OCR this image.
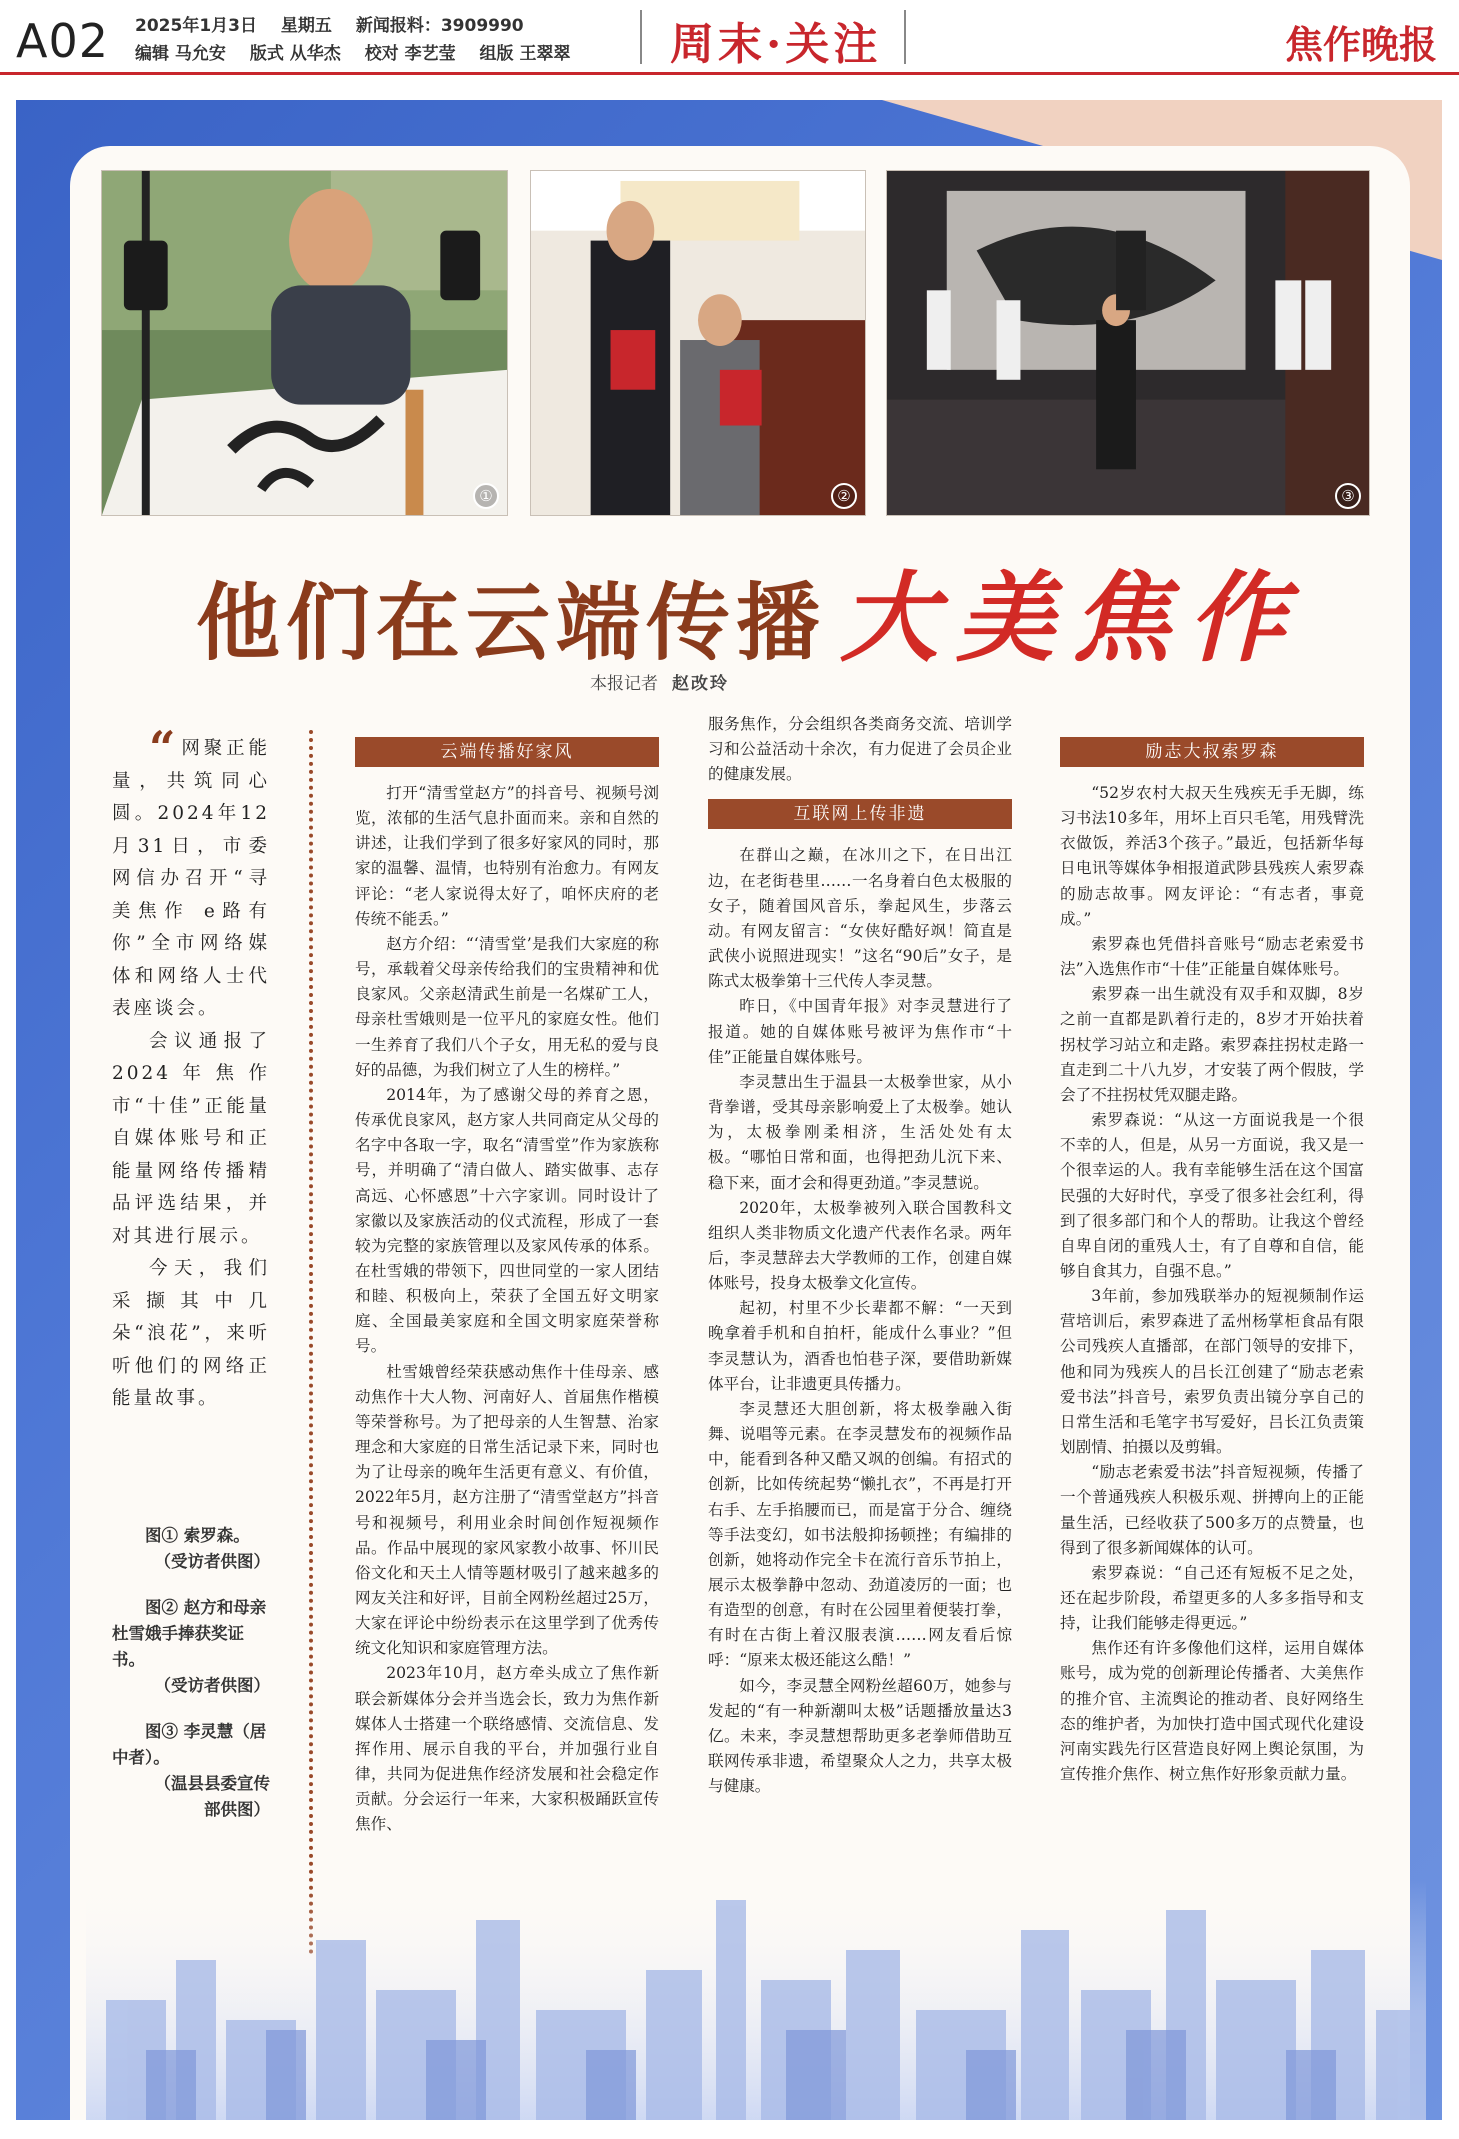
A02 2025年1月3日 星期五 新闻报料：3909990
编辑 马允安 版式 从华杰 校对 李艺莹 组版 王翠翠	周末·关注	焦作晚报
①	②	③
他们在云端传播 大美焦作
本报记者 赵改玲

“ 网聚正能量，共筑同心圆。2024年12月31日，市委网信办召开“寻美焦作 e路有你”全市网络媒体和网络人士代表座谈会。

会议通报了2024年焦作市“十佳”正能量自媒体账号和正能量网络传播精品评选结果，并对其进行展示。

今天，我们采撷其中几朵“浪花”，来听听他们的网络正能量故事。

图① 索罗森。
（受访者供图）

图② 赵方和母亲杜雪娥手捧获奖证书。
（受访者供图）

图③ 李灵慧（居中者）。
（温县县委宣传部供图）

云端传播好家风

打开“清雪堂赵方”的抖音号、视频号浏览，浓郁的生活气息扑面而来。亲和自然的讲述，让我们学到了很多好家风的同时，那家的温馨、温情，也特别有治愈力。有网友评论：“老人家说得太好了，咱怀庆府的老传统不能丢。”

赵方介绍：“‘清雪堂’是我们大家庭的称号，承载着父母亲传给我们的宝贵精神和优良家风。父亲赵清武生前是一名煤矿工人，母亲杜雪娥则是一位平凡的家庭女性。他们一生养育了我们八个子女，用无私的爱与良好的品德，为我们树立了人生的榜样。”

2014年，为了感谢父母的养育之恩，传承优良家风，赵方家人共同商定从父母的名字中各取一字，取名“清雪堂”作为家族称号，并明确了“清白做人、踏实做事、志存高远、心怀感恩”十六字家训。同时设计了家徽以及家族活动的仪式流程，形成了一套较为完整的家族管理以及家风传承的体系。在杜雪娥的带领下，四世同堂的一家人团结和睦、积极向上，荣获了全国五好文明家庭、全国最美家庭和全国文明家庭荣誉称号。

杜雪娥曾经荣获感动焦作十佳母亲、感动焦作十大人物、河南好人、首届焦作楷模等荣誉称号。为了把母亲的人生智慧、治家理念和大家庭的日常生活记录下来，同时也为了让母亲的晚年生活更有意义、有价值，2022年5月，赵方注册了“清雪堂赵方”抖音号和视频号，利用业余时间创作短视频作品。作品中展现的家风家教小故事、怀川民俗文化和天土人情等题材吸引了越来越多的网友关注和好评，目前全网粉丝超过25万，大家在评论中纷纷表示在这里学到了优秀传统文化知识和家庭管理方法。

2023年10月，赵方牵头成立了焦作新联会新媒体分会并当选会长，致力为焦作新媒体人士搭建一个联络感情、交流信息、发挥作用、展示自我的平台，并加强行业自律，共同为促进焦作经济发展和社会稳定作贡献。分会运行一年来，大家积极踊跃宣传焦作、

服务焦作，分会组织各类商务交流、培训学习和公益活动十余次，有力促进了会员企业的健康发展。

互联网上传非遗

在群山之巅，在冰川之下，在日出江边，在老街巷里……一名身着白色太极服的女子，随着国风音乐，拳起风生，步落云动。有网友留言：“女侠好酷好飒！简直是武侠小说照进现实！”这名“90后”女子，是陈式太极拳第十三代传人李灵慧。

昨日，《中国青年报》对李灵慧进行了报道。她的自媒体账号被评为焦作市“十佳”正能量自媒体账号。

李灵慧出生于温县一太极拳世家，从小背拳谱，受其母亲影响爱上了太极拳。她认为，太极拳刚柔相济，生活处处有太极。“哪怕日常和面，也得把劲儿沉下来、稳下来，面才会和得更劲道。”李灵慧说。

2020年，太极拳被列入联合国教科文组织人类非物质文化遗产代表作名录。两年后，李灵慧辞去大学教师的工作，创建自媒体账号，投身太极拳文化宣传。

起初，村里不少长辈都不解：“一天到晚拿着手机和自拍杆，能成什么事业？”但李灵慧认为，酒香也怕巷子深，要借助新媒体平台，让非遗更具传播力。

李灵慧还大胆创新，将太极拳融入街舞、说唱等元素。在李灵慧发布的视频作品中，能看到各种又酷又飒的创编。有招式的创新，比如传统起势“懒扎衣”，不再是打开右手、左手掐腰而已，而是富于分合、缠绕等手法变幻，如书法般抑扬顿挫；有编排的创新，她将动作完全卡在流行音乐节拍上，展示太极拳静中忽动、劲道凌厉的一面；也有造型的创意，有时在公园里着便装打拳，有时在古街上着汉服表演……网友看后惊呼：“原来太极还能这么酷！”

如今，李灵慧全网粉丝超60万，她参与发起的“有一种新潮叫太极”话题播放量达3亿。未来，李灵慧想帮助更多老拳师借助互联网传承非遗，希望聚众人之力，共享太极与健康。

励志大叔索罗森

“52岁农村大叔天生残疾无手无脚，练习书法10多年，用坏上百只毛笔，用残臂洗衣做饭，养活3个孩子。”最近，包括新华每日电讯等媒体争相报道武陟县残疾人索罗森的励志故事。网友评论：“有志者，事竟成。”

索罗森也凭借抖音账号“励志老索爱书法”入选焦作市“十佳”正能量自媒体账号。

索罗森一出生就没有双手和双脚，8岁之前一直都是趴着行走的，8岁才开始扶着拐杖学习站立和走路。索罗森拄拐杖走路一直走到二十八九岁，才安装了两个假肢，学会了不拄拐杖凭双腿走路。

索罗森说：“从这一方面说我是一个很不幸的人，但是，从另一方面说，我又是一个很幸运的人。我有幸能够生活在这个国富民强的大好时代，享受了很多社会红利，得到了很多部门和个人的帮助。让我这个曾经自卑自闭的重残人士，有了自尊和自信，能够自食其力，自强不息。”

3年前，参加残联举办的短视频制作运营培训后，索罗森进了孟州杨掌柜食品有限公司残疾人直播部，在部门领导的安排下，他和同为残疾人的吕长江创建了“励志老索爱书法”抖音号，索罗负责出镜分享自己的日常生活和毛笔字书写爱好，吕长江负责策划剧情、拍摄以及剪辑。

“励志老索爱书法”抖音短视频，传播了一个普通残疾人积极乐观、拼搏向上的正能量生活，已经收获了500多万的点赞量，也得到了很多新闻媒体的认可。

索罗森说：“自己还有短板不足之处，还在起步阶段，希望更多的人多多指导和支持，让我们能够走得更远。”

焦作还有许多像他们这样，运用自媒体账号，成为党的创新理论传播者、大美焦作的推介官、主流舆论的推动者、良好网络生态的维护者，为加快打造中国式现代化建设河南实践先行区营造良好网上舆论氛围，为宣传推介焦作、树立焦作好形象贡献力量。
